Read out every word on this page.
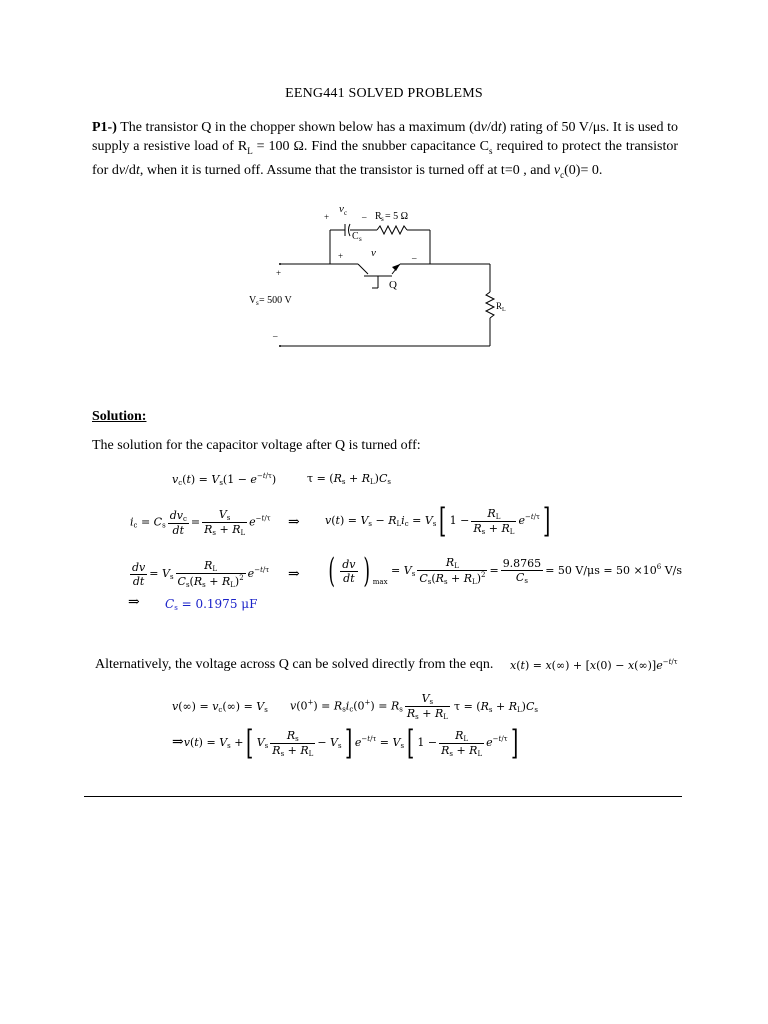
EENG441 SOLVED PROBLEMS
P1-) The transistor Q in the chopper shown below has a maximum (dv/dt) rating of 50 V/μs. It is used to supply a resistive load of $R_L = 100$ Ω. Find the snubber capacitance $C_s$ required to protect the transistor for dv/dt, when it is turned off. Assume that the transistor is turned off at t=0 , and $v_c(0)= 0$.
v c
+	– R s = 5 Ω
C s
v
+	_
Q
+
V s = 500 V
–
R L
Solution:
The solution for the capacitor voltage after Q is turned off:
$v_c(t) = V_s(1 - e^{-t/\tau})$	$\tau = (R_s + R_L)C_s$
$i_c = C_s \frac{dv_c}{dt} = \frac{V_s}{R_s + R_L} e^{-t/\tau}$ ⇒ $v(t) = V_s - R_Li_c = V_s$[ $1 - \frac{R_L}{R_s + R_L} e^{-t/\tau}$]
$\frac{dv}{dt} = V_s \frac{R_L}{C_s(R_s + R_L)^2} e^{-t/\tau}$ ⇒ ( $\frac{dv}{dt}$ ) $_{max} = V_s \frac{R_L}{C_s(R_s + R_L)^2} = \frac{9.8765}{C_s} = 50$ $V/\mu s = 50 \times 10^6$ V/s
⇒ $C_s = 0.1975$ μF
Alternatively, the voltage across Q can be solved directly from the eqn. $x(t) = x(\infty) + [x(0) - x(\infty)]e^{-t/\tau}$
$v(\infty) = v_c(\infty) = V_s$ $v(0^+) = R_si_c(0^+) = R_s \frac{V_s}{R_s + R_L}$ $\tau = (R_s + R_L)C_s$
⇒v(t) = $V_s$ +[ $V_s \frac{R_s}{R_s + R_L} - V_s$] $e^{-t/\tau} = V_s$[ $1 - \frac{R_L}{R_s + R_L} e^{-t/\tau}$]
